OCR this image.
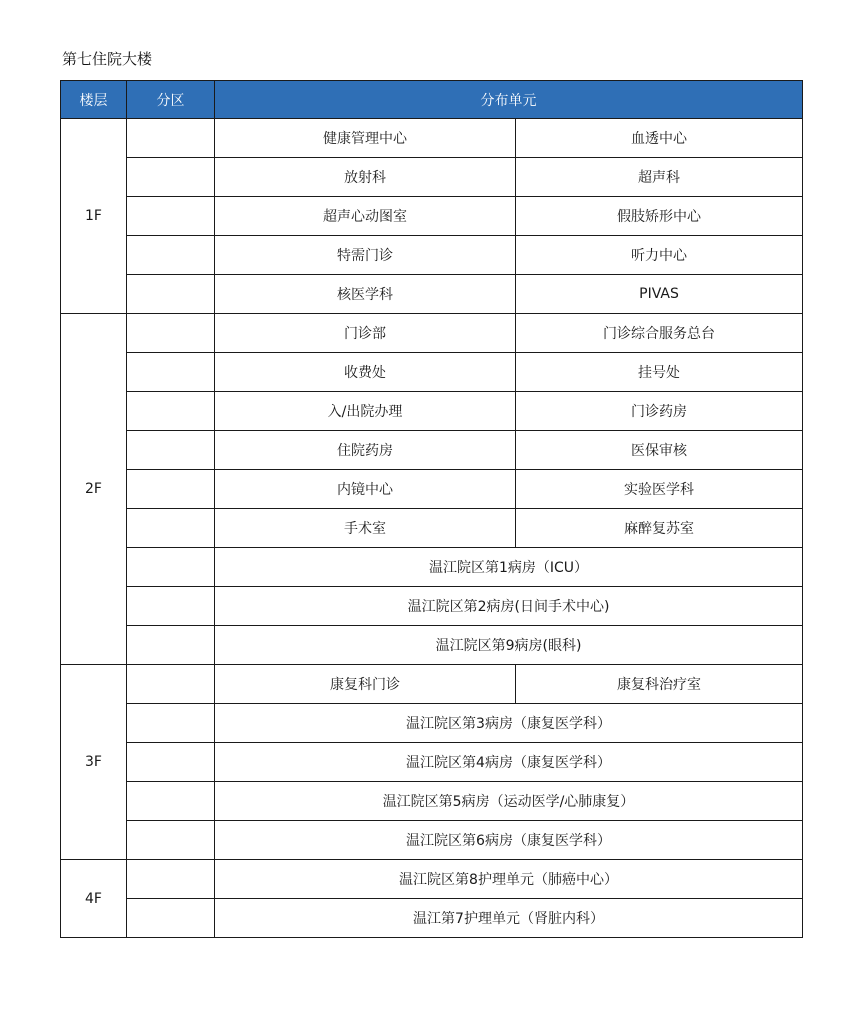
第七住院大楼
楼层	分区	分布单元	
1F		健康管理中心	血透中心
		放射科	超声科
		超声心动图室	假肢矫形中心
		特需门诊	听力中心
		核医学科	PIVAS
2F		门诊部	门诊综合服务总台
		收费处	挂号处
		入/出院办理	门诊药房
		住院药房	医保审核
		内镜中心	实验医学科
		手术室	麻醉复苏室
		温江院区第1病房（ICU）	
		温江院区第2病房(日间手术中心)	
		温江院区第9病房(眼科)	
3F		康复科门诊	康复科治疗室
		温江院区第3病房（康复医学科）	
		温江院区第4病房（康复医学科）	
		温江院区第5病房（运动医学/心肺康复）	
		温江院区第6病房（康复医学科）	
4F		温江院区第8护理单元（肺癌中心）	
		温江第7护理单元（肾脏内科）	
